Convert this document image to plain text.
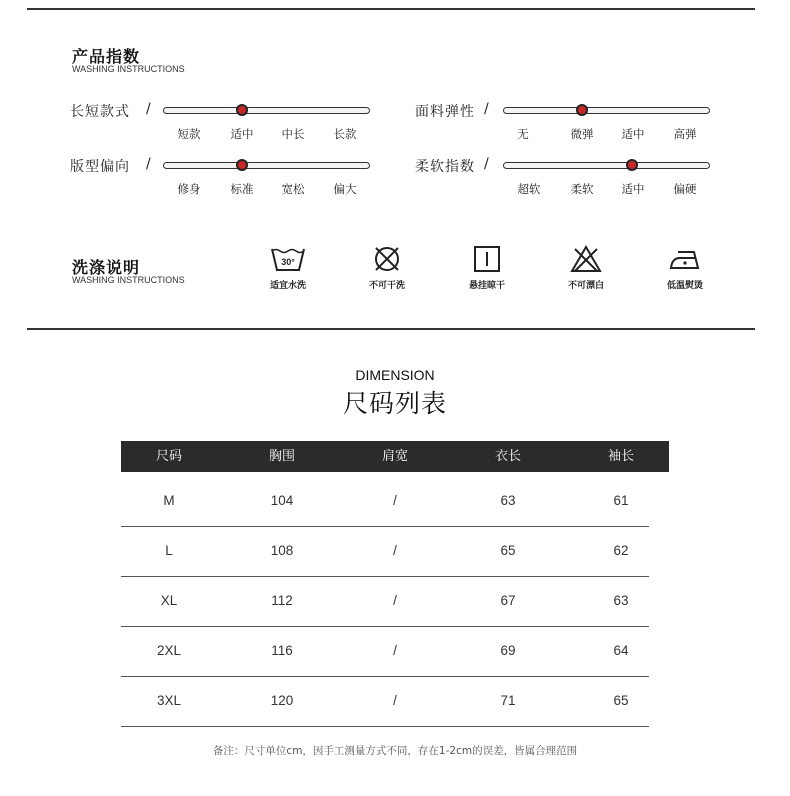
产品指数
WASHING INSTRUCTIONS
长短款式 /
短款	适中 中长	长款
面料弹性 /
无	微弹 适中	高弹
版型偏向 /
修身	标准 宽松	偏大
柔软指数 /
超软	柔软 适中	偏硬
洗涤说明
WASHING INSTRUCTIONS
30°
适宜水洗	不可干洗	悬挂晾干	不可漂白	低温熨烫
DIMENSION
尺码列表
尺码	胸围	肩宽	衣长	袖长
M	104	/	63	61
L	108	/	65	62
XL	112	/	67	63
2XL	116	/	69	64
3XL	120	/	71	65
备注：尺寸单位cm，因手工测量方式不同，存在1-2cm的误差，皆属合理范围
